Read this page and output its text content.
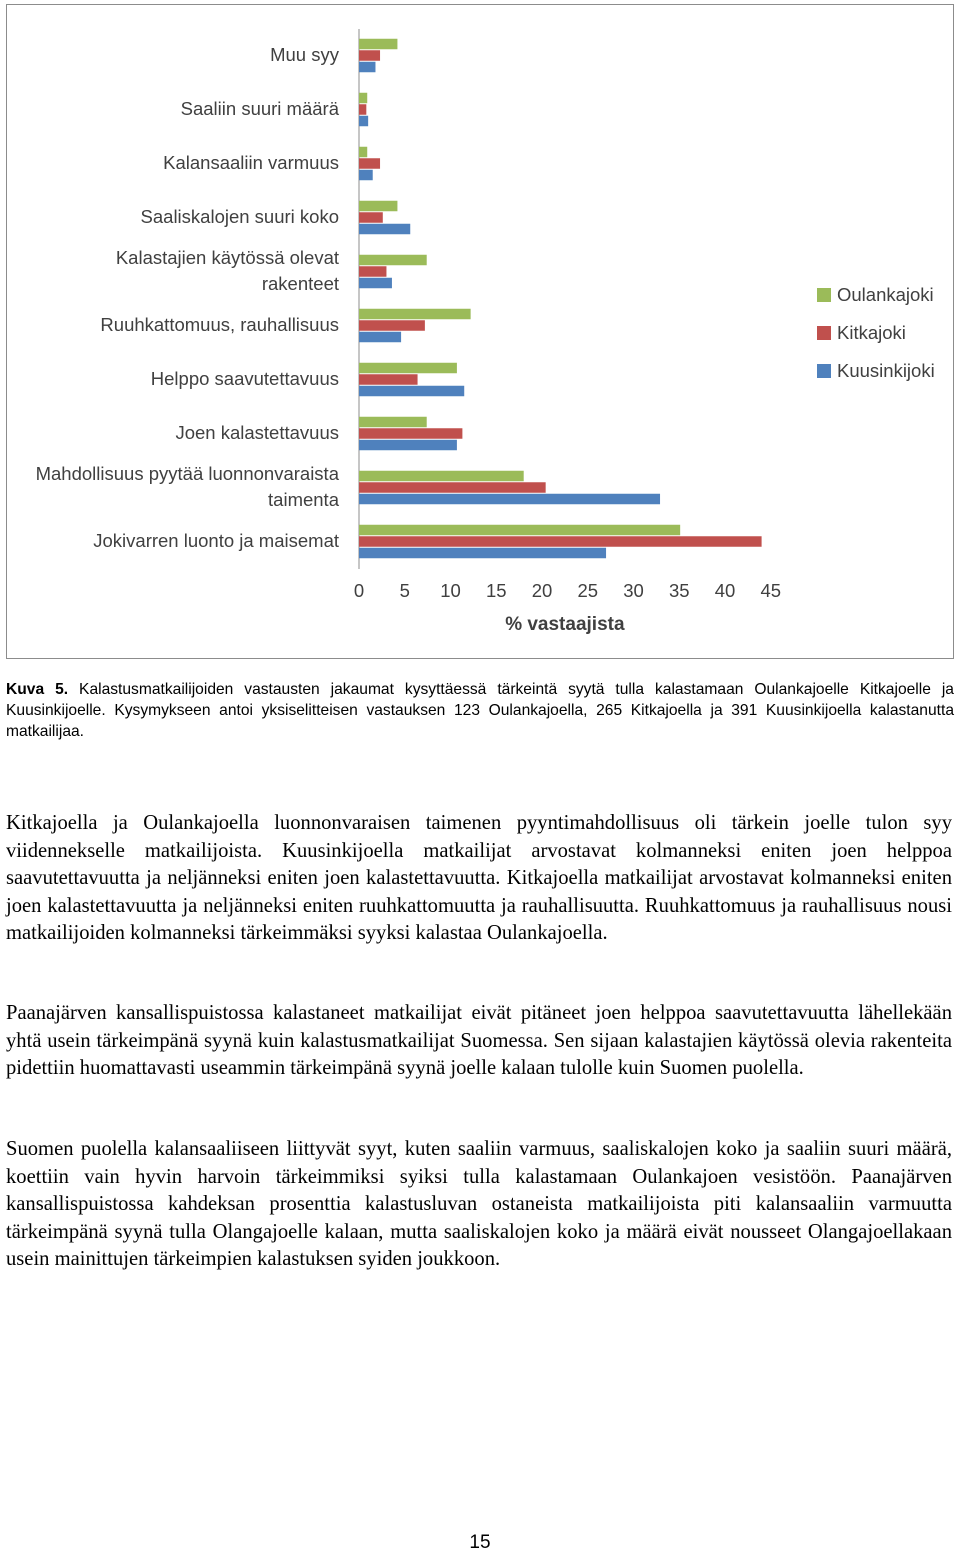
Jokivarren luonto ja maisemat
Mahdollisuus pyytää luonnonvaraista taimenta
Joen kalastettavuus
Helppo saavutettavuus
Ruuhkattomuus, rauhallisuus
Kalastajien käytössä olevat rakenteet
Saaliskalojen suuri koko
Kalansaaliin varmuus
Saaliin suuri määrä
Muu syy
0 5 10 15 20 25 30 35 40 45
% vastaajista
Oulankajoki
Kitkajoki
Kuusinkijoki
Kuva 5. Kalastusmatkailijoiden vastausten jakaumat kysyttäessä tärkeintä syytä tulla kalastamaan Oulankajoelle Kitkajoelle ja Kuusinkijoelle. Kysymykseen antoi yksiselitteisen vastauksen 123 Oulankajoella, 265 Kitkajoella ja 391 Kuusinkijoella kalastanutta matkailijaa.

Kitkajoella ja Oulankajoella luonnonvaraisen taimenen pyyntimahdollisuus oli tärkein joelle tulon syy viidennekselle matkailijoista. Kuusinkijoella matkailijat arvostavat kolmanneksi eniten joen helppoa saavutettavuutta ja neljänneksi eniten joen kalastettavuutta. Kitkajoella matkailijat arvostavat kolmanneksi eniten joen kalastettavuutta ja neljänneksi eniten ruuhkattomuutta ja rauhallisuutta. Ruuhkattomuus ja rauhallisuus nousi matkailijoiden kolmanneksi tärkeimmäksi syyksi kalastaa Oulankajoella.

Paanajärven kansallispuistossa kalastaneet matkailijat eivät pitäneet joen helppoa saavutettavuutta lähellekään yhtä usein tärkeimpänä syynä kuin kalastusmatkailijat Suomessa. Sen sijaan kalastajien käytössä olevia rakenteita pidettiin huomattavasti useammin tärkeimpänä syynä joelle kalaan tulolle kuin Suomen puolella.

Suomen puolella kalansaaliiseen liittyvät syyt, kuten saaliin varmuus, saaliskalojen koko ja saaliin suuri määrä, koettiin vain hyvin harvoin tärkeimmiksi syiksi tulla kalastamaan Oulankajoen vesistöön. Paanajärven kansallispuistossa kahdeksan prosenttia kalastusluvan ostaneista matkailijoista piti kalansaaliin varmuutta tärkeimpänä syynä tulla Olangajoelle kalaan, mutta saaliskalojen koko ja määrä eivät nousseet Olangajoellakaan usein mainittujen tärkeimpien kalastuksen syiden joukkoon.

15
